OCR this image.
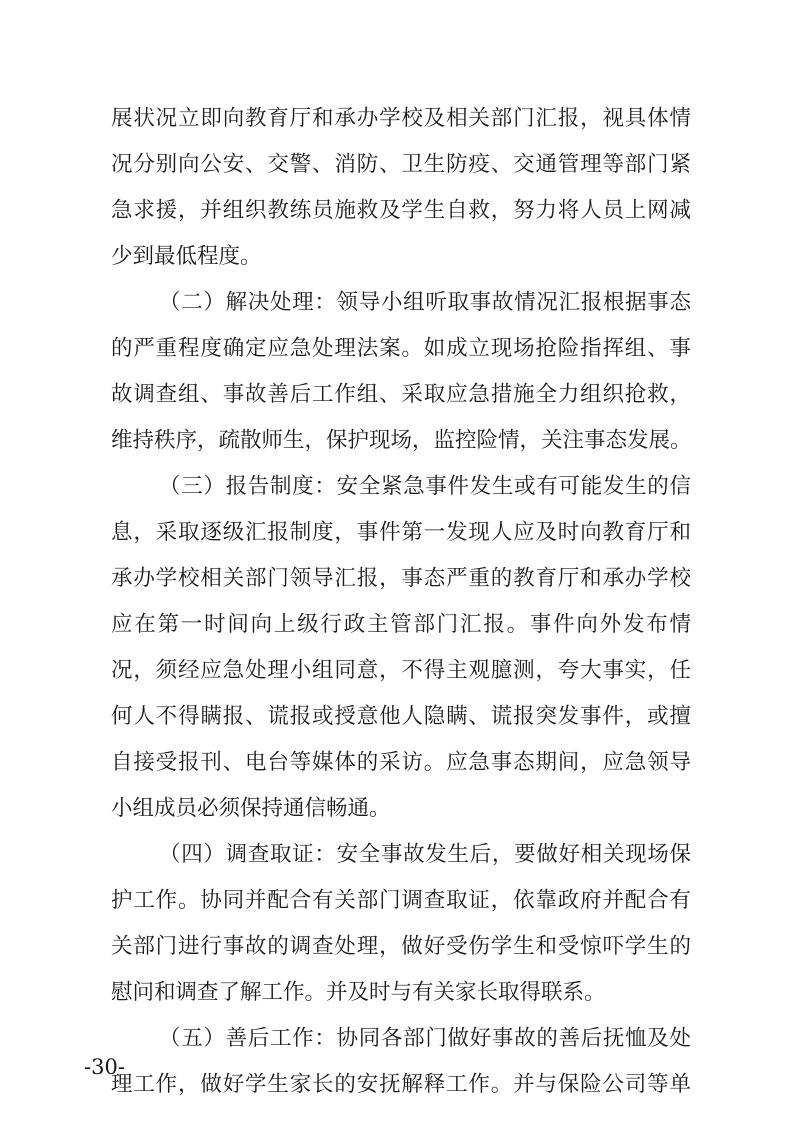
展状况立即向教育厅和承办学校及相关部门汇报，视具体情
况分别向公安、交警、消防、卫生防疫、交通管理等部门紧
急求援，并组织教练员施救及学生自救，努力将人员上网减
少到最低程度。
（二）解决处理：领导小组听取事故情况汇报根据事态
的严重程度确定应急处理法案。如成立现场抢险指挥组、事
故调查组、事故善后工作组、采取应急措施全力组织抢救，
维持秩序，疏散师生，保护现场，监控险情，关注事态发展。
（三）报告制度：安全紧急事件发生或有可能发生的信
息，采取逐级汇报制度，事件第一发现人应及时向教育厅和
承办学校相关部门领导汇报，事态严重的教育厅和承办学校
应在第一时间向上级行政主管部门汇报。事件向外发布情
况，须经应急处理小组同意，不得主观臆测，夸大事实，任
何人不得瞒报、谎报或授意他人隐瞒、谎报突发事件，或擅
自接受报刊、电台等媒体的采访。应急事态期间，应急领导
小组成员必须保持通信畅通。
（四）调查取证：安全事故发生后，要做好相关现场保
护工作。协同并配合有关部门调查取证，依靠政府并配合有
关部门进行事故的调查处理，做好受伤学生和受惊吓学生的
慰问和调查了解工作。并及时与有关家长取得联系。
（五）善后工作：协同各部门做好事故的善后抚恤及处
理工作，做好学生家长的安抚解释工作。并与保险公司等单
-30-
